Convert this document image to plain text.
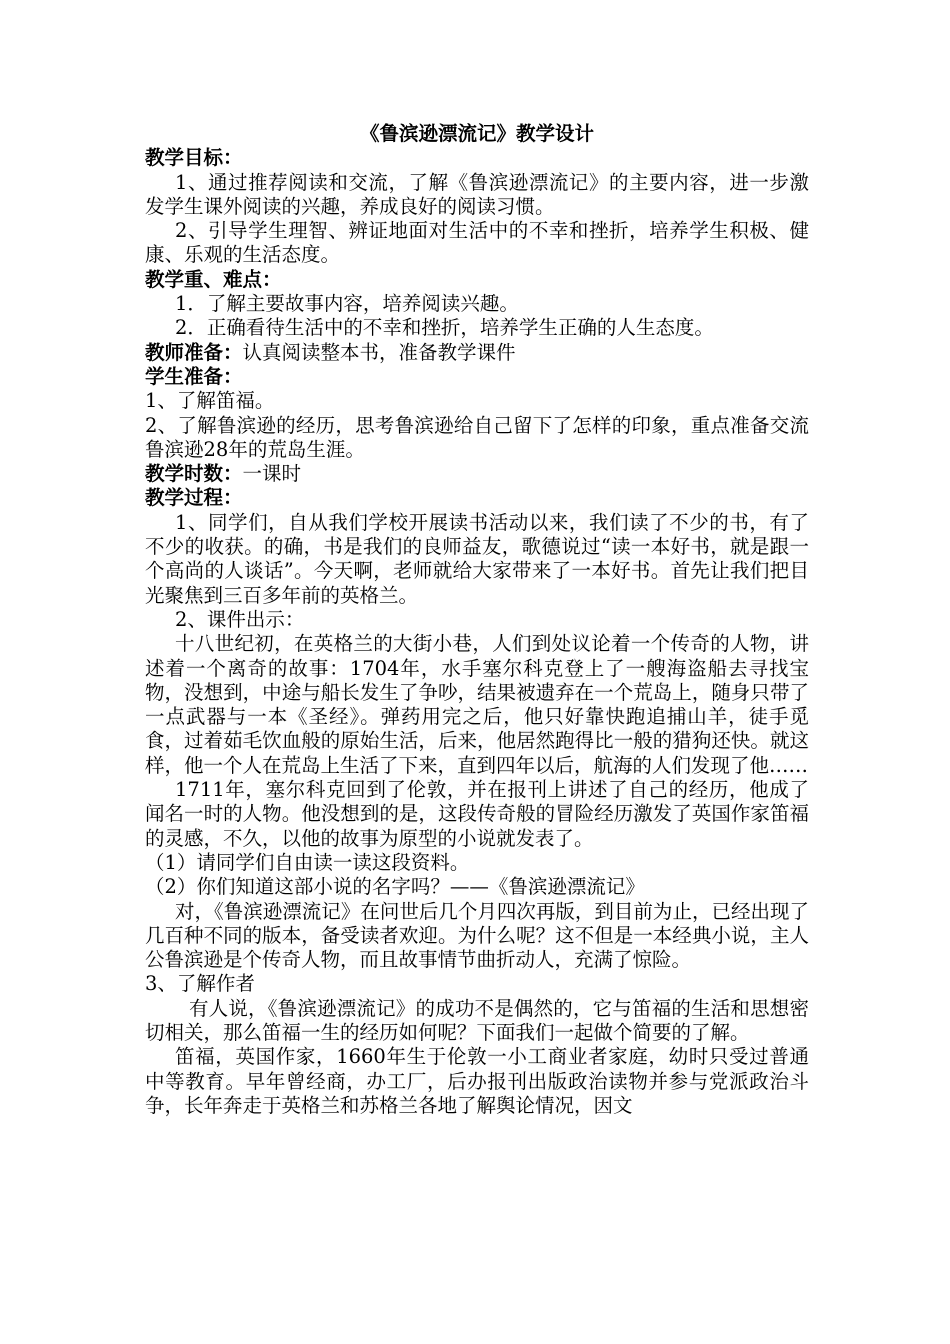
《鲁滨逊漂流记》教学设计

教学目标：

1、通过推荐阅读和交流，了解《鲁滨逊漂流记》的主要内容，进一步激发学生课外阅读的兴趣，养成良好的阅读习惯。

2、引导学生理智、辨证地面对生活中的不幸和挫折，培养学生积极、健康、乐观的生活态度。

教学重、难点：

1．了解主要故事内容，培养阅读兴趣。

2．正确看待生活中的不幸和挫折，培养学生正确的人生态度。

教师准备：认真阅读整本书，准备教学课件

学生准备：

1、了解笛福。

2、了解鲁滨逊的经历，思考鲁滨逊给自己留下了怎样的印象，重点准备交流鲁滨逊28年的荒岛生涯。

教学时数：一课时

教学过程：

1、同学们，自从我们学校开展读书活动以来，我们读了不少的书，有了不少的收获。的确，书是我们的良师益友，歌德说过“读一本好书，就是跟一个高尚的人谈话”。今天啊，老师就给大家带来了一本好书。首先让我们把目光聚焦到三百多年前的英格兰。

2、课件出示：

十八世纪初，在英格兰的大街小巷，人们到处议论着一个传奇的人物，讲述着一个离奇的故事：1704年，水手塞尔科克登上了一艘海盗船去寻找宝物，没想到，中途与船长发生了争吵，结果被遗弃在一个荒岛上，随身只带了一点武器与一本《圣经》。弹药用完之后，他只好靠快跑追捕山羊，徒手觅食，过着茹毛饮血般的原始生活，后来，他居然跑得比一般的猎狗还快。就这样，他一个人在荒岛上生活了下来，直到四年以后，航海的人们发现了他……

1711年，塞尔科克回到了伦敦，并在报刊上讲述了自己的经历，他成了闻名一时的人物。他没想到的是，这段传奇般的冒险经历激发了英国作家笛福的灵感，不久，以他的故事为原型的小说就发表了。

（1）请同学们自由读一读这段资料。

（2）你们知道这部小说的名字吗？——《鲁滨逊漂流记》

对，《鲁滨逊漂流记》在问世后几个月四次再版，到目前为止，已经出现了几百种不同的版本，备受读者欢迎。为什么呢？这不但是一本经典小说，主人公鲁滨逊是个传奇人物，而且故事情节曲折动人，充满了惊险。

3、了解作者

有人说，《鲁滨逊漂流记》的成功不是偶然的，它与笛福的生活和思想密切相关，那么笛福一生的经历如何呢？下面我们一起做个简要的了解。

笛福，英国作家，1660年生于伦敦一小工商业者家庭，幼时只受过普通中等教育。早年曾经商，办工厂，后办报刊出版政治读物并参与党派政治斗争，长年奔走于英格兰和苏格兰各地了解舆论情况，因文
